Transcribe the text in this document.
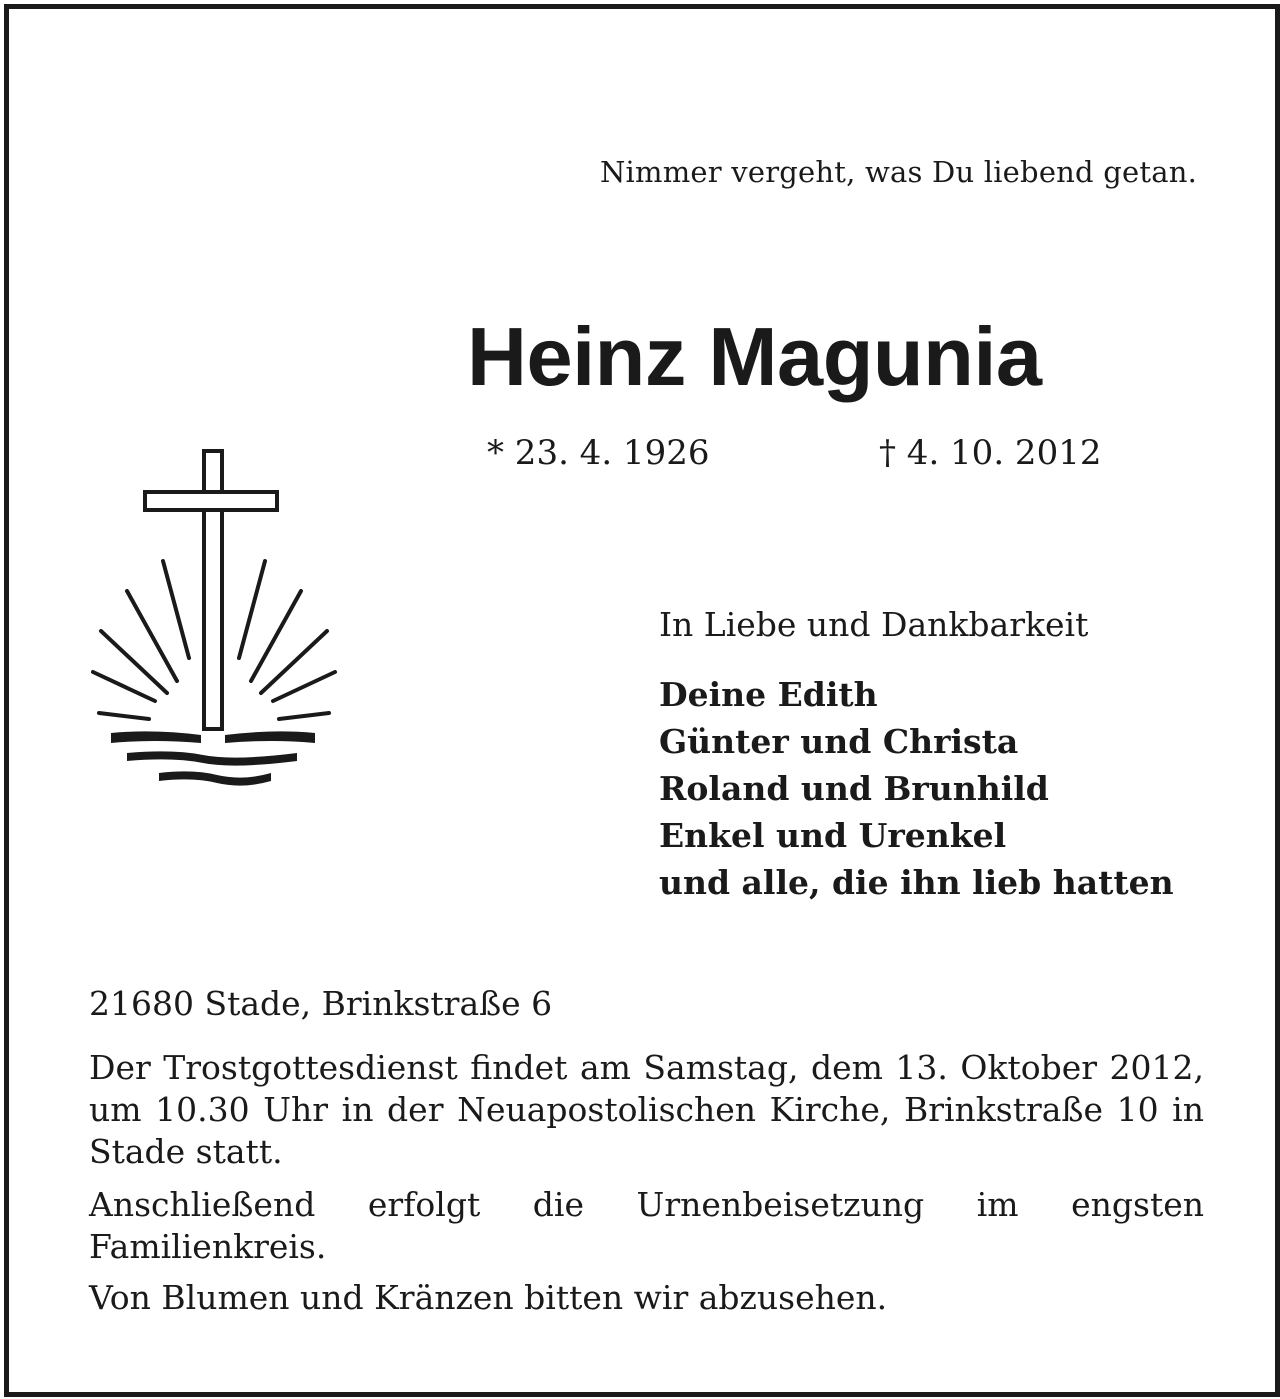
Nimmer vergeht, was Du liebend getan.
Heinz Magunia
* 23. 4. 1926	† 4. 10. 2012
In Liebe und Dankbarkeit
Deine Edith
Günter und Christa
Roland und Brunhild
Enkel und Urenkel
und alle, die ihn lieb hatten
21680 Stade, Brinkstraße 6

Der Trostgottesdienst findet am Samstag, dem 13. Oktober 2012, um 10.30 Uhr in der Neuapostolischen Kirche, Brinkstraße 10 in Stade statt.

Anschließend erfolgt die Urnenbeisetzung im engsten Familienkreis.

Von Blumen und Kränzen bitten wir abzusehen.
